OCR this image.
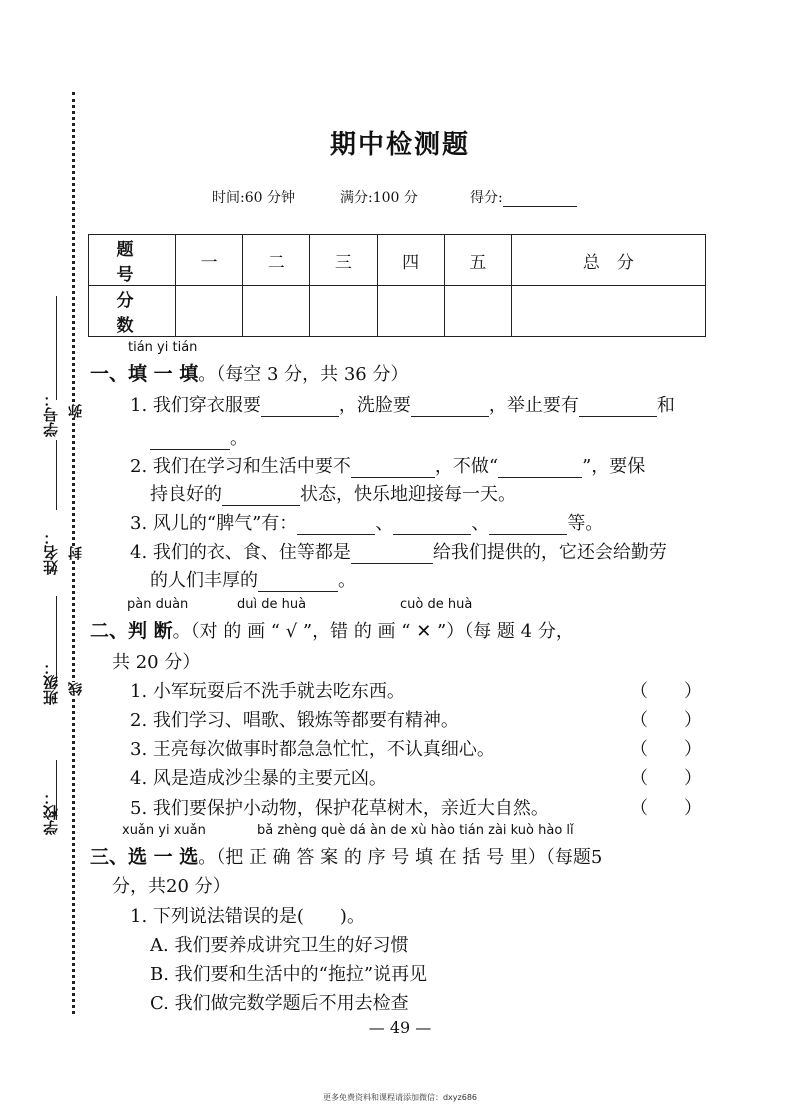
学校：
班级：
姓名：
学号： 弥
封
线
期中检测题
时间:60 分钟	满分:100 分	得分:
题　号	一	二	三	四	五	总　分
分　数						
tián yi tián
一、填 一 填。（每空 3 分，共 36 分）
1. 我们穿衣服要	，洗脸要	，举止要有	和
。
2. 我们在学习和生活中要不	，不做“	”，要保
持良好的	状态，快乐地迎接每一天。
3. 风儿的“脾气”有：	、	、	等。
4. 我们的衣、食、住等都是	给我们提供的，它还会给勤劳
的人们丰厚的	。
pàn duàn	duì de huà	cuò de huà
二、判 断。（对 的 画 “ √ ”，错 的 画 “ ✕ ”）（每 题 4 分，
共 20 分）
1. 小军玩耍后不洗手就去吃东西。	（　　）
2. 我们学习、唱歌、锻炼等都要有精神。	（　　）
3. 王亮每次做事时都急急忙忙，不认真细心。	（　　）
4. 风是造成沙尘暴的主要元凶。	（　　）
5. 我们要保护小动物，保护花草树木，亲近大自然。	（　　）
xuǎn yi xuǎn	bǎ zhèng què dá àn de xù hào tián zài kuò hào lǐ
三、选 一 选。（把 正 确 答 案 的 序 号 填 在 括 号 里）（每题5
分，共20 分）
1. 下列说法错误的是(　　)。
A. 我们要养成讲究卫生的好习惯
B. 我们要和生活中的“拖拉”说再见
C. 我们做完数学题后不用去检查
— 49 —
更多免费资料和课程请添加微信：dxyz686
